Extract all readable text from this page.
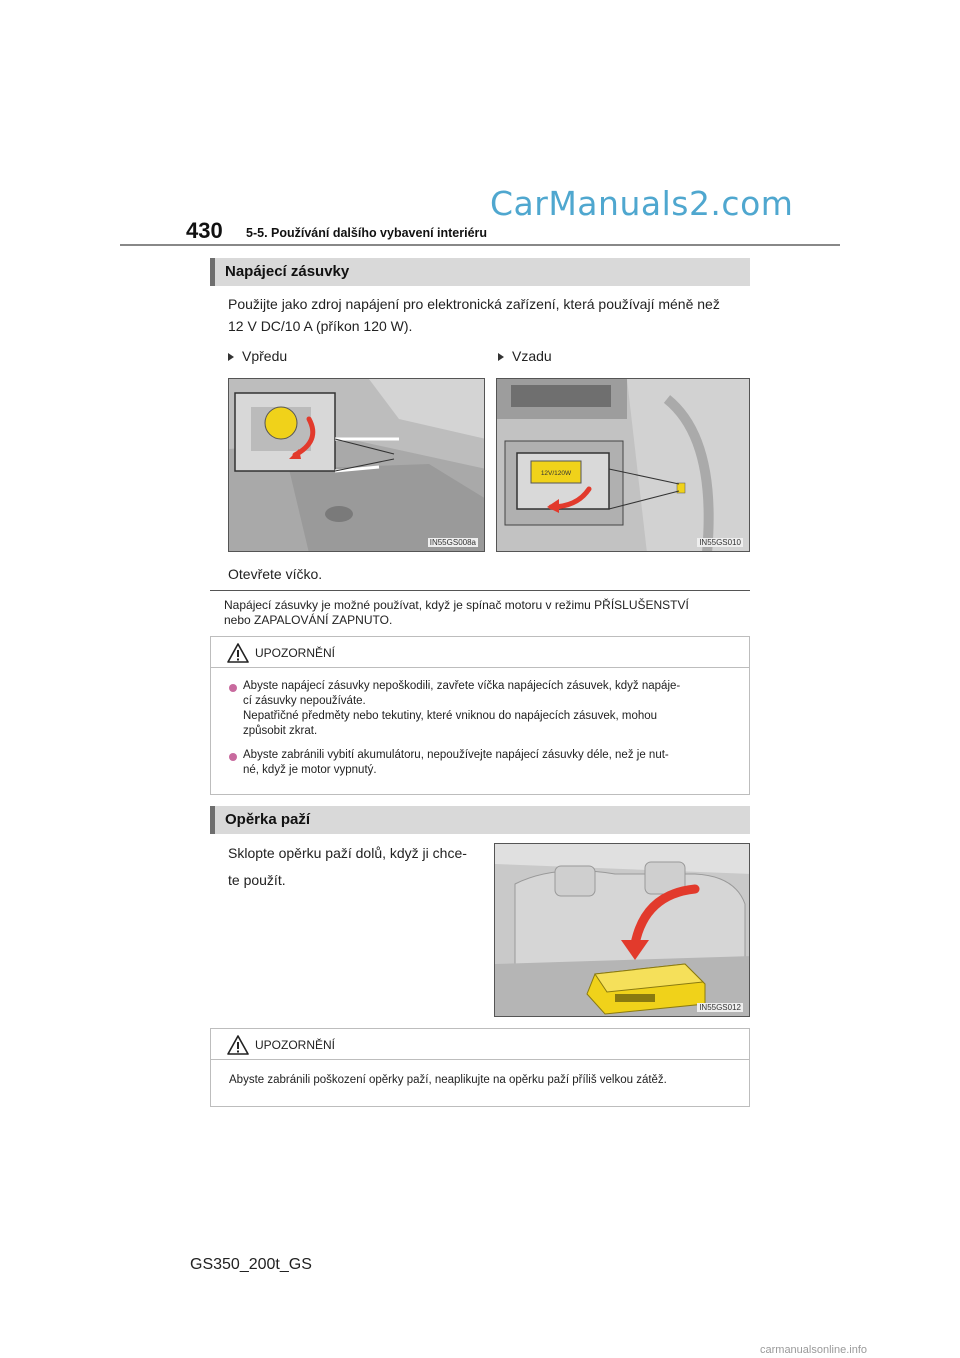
CarManuals2.com
430 5-5. Používání dalšího vybavení interiéru
Napájecí zásuvky
Použijte jako zdroj napájení pro elektronická zařízení, která používají méně než
12 V DC/10 A (příkon 120 W).
Vpředu	Vzadu
IN55GS008a
12V/120W
IN55GS010
Otevřete víčko.
Napájecí zásuvky je možné používat, když je spínač motoru v režimu PŘÍSLUŠENSTVÍ
nebo ZAPALOVÁNÍ ZAPNUTO.
UPOZORNĚNÍ
Abyste napájecí zásuvky nepoškodili, zavřete víčka napájecích zásuvek, když napáje-
cí zásuvky nepoužíváte.
Nepatřičné předměty nebo tekutiny, které vniknou do napájecích zásuvek, mohou
způsobit zkrat.
Abyste zabránili vybití akumulátoru, nepoužívejte napájecí zásuvky déle, než je nut-
né, když je motor vypnutý.
Opěrka paží
Sklopte opěrku paží dolů, když ji chce-
te použít.
IN55GS012
UPOZORNĚNÍ
Abyste zabránili poškození opěrky paží, neaplikujte na opěrku paží příliš velkou zátěž.
GS350_200t_GS
carmanualsonline.info
